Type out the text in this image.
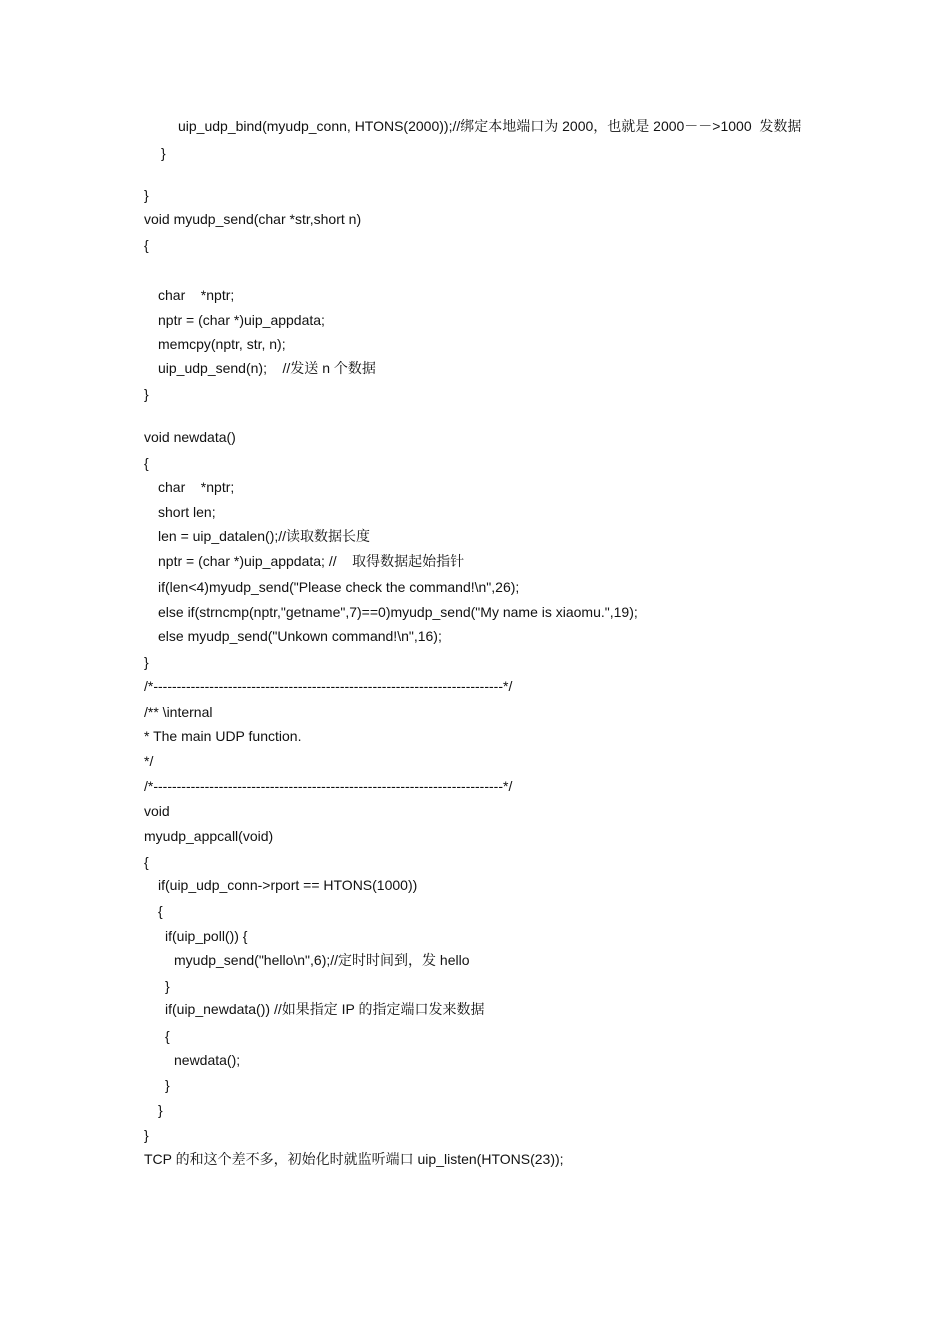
uip_udp_bind(myudp_conn, HTONS(2000));//绑定本地端口为 2000，也就是 2000－－>1000  发数据
}
}
void myudp_send(char *str,short n)
{
char    *nptr;
nptr = (char *)uip_appdata;
memcpy(nptr, str, n);
uip_udp_send(n);    //发送 n 个数据
}
void newdata()
{
char    *nptr;
short len;
len = uip_datalen();//读取数据长度
nptr = (char *)uip_appdata; //    取得数据起始指针
if(len<4)myudp_send("Please check the command!\n",26);
else if(strncmp(nptr,"getname",7)==0)myudp_send("My name is xiaomu.",19);
else myudp_send("Unkown command!\n",16);
}
/*---------------------------------------------------------------------------*/
/** \internal
* The main UDP function.
*/
/*---------------------------------------------------------------------------*/
void
myudp_appcall(void)
{
if(uip_udp_conn->rport == HTONS(1000))
{
if(uip_poll()) {
myudp_send("hello\n",6);//定时时间到，发 hello
}
if(uip_newdata()) //如果指定 IP 的指定端口发来数据
{
newdata();
}
}
}
TCP 的和这个差不多，初始化时就监听端口 uip_listen(HTONS(23));
